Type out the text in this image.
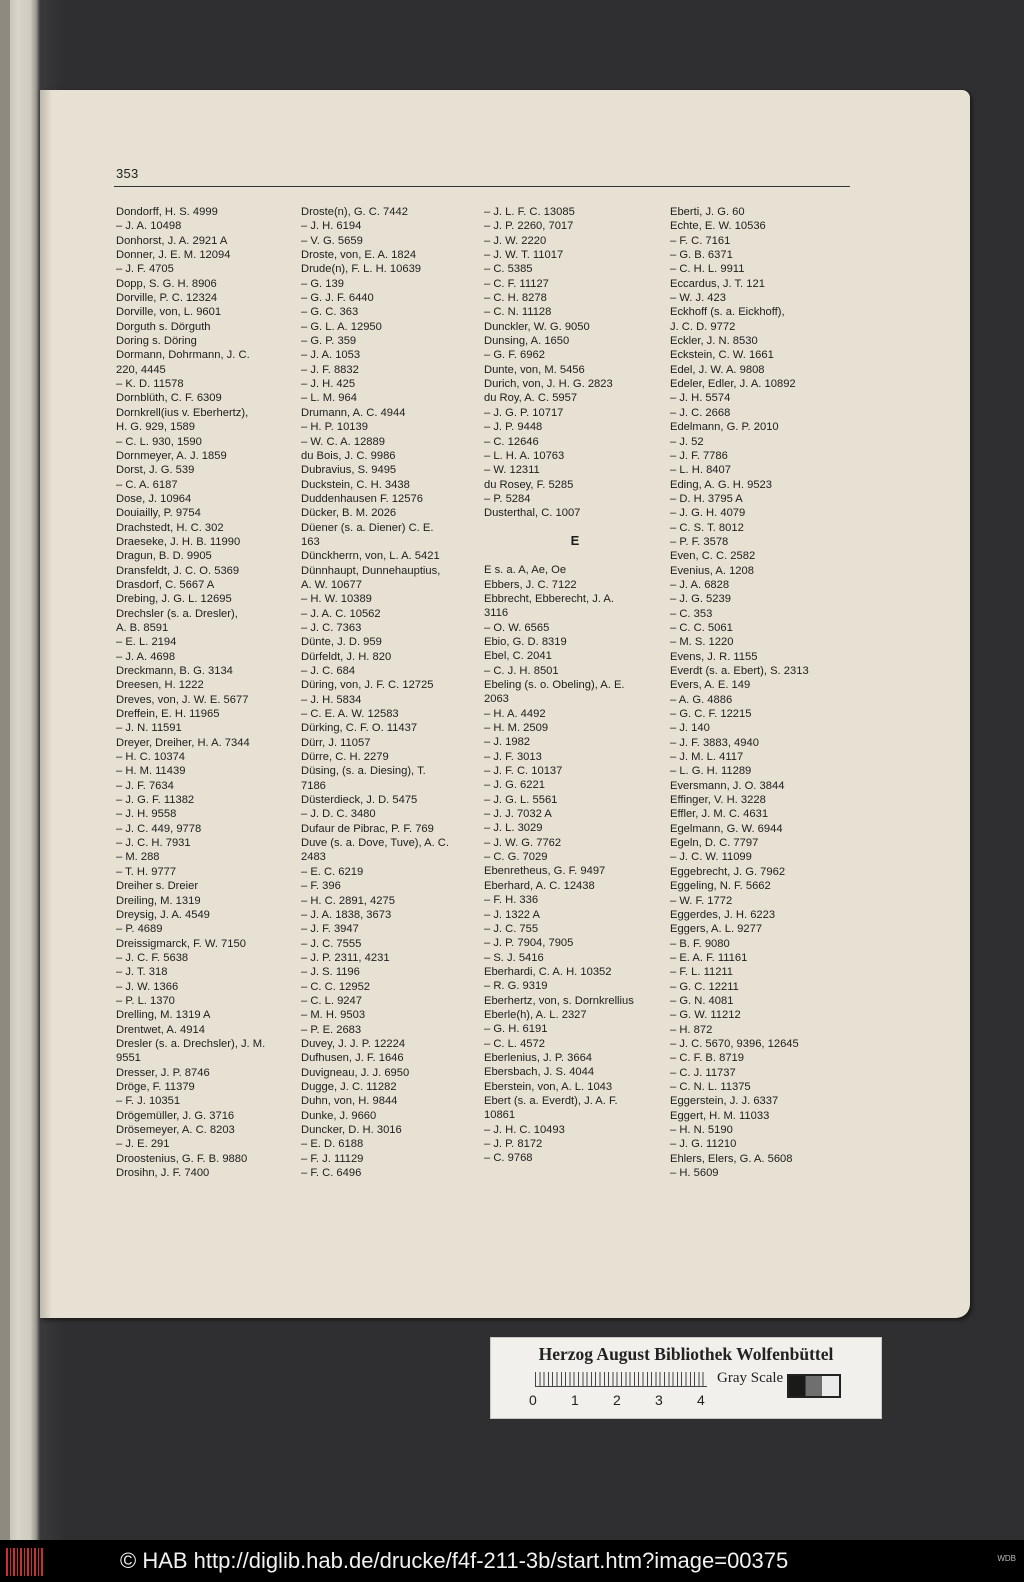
353
Dondorff, H. S. 4999
– J. A. 10498
Donhorst, J. A. 2921 A
Donner, J. E. M. 12094
– J. F. 4705
Dopp, S. G. H. 8906
Dorville, P. C. 12324
Dorville, von, L. 9601
Dorguth s. Dörguth
Doring s. Döring
Dormann, Dohrmann, J. C.
220, 4445
– K. D. 11578
Dornblüth, C. F. 6309
Dornkrell(ius v. Eberhertz),
H. G. 929, 1589
– C. L. 930, 1590
Dornmeyer, A. J. 1859
Dorst, J. G. 539
– C. A. 6187
Dose, J. 10964
Douiailly, P. 9754
Drachstedt, H. C. 302
Draeseke, J. H. B. 11990
Dragun, B. D. 9905
Dransfeldt, J. C. O. 5369
Drasdorf, C. 5667 A
Drebing, J. G. L. 12695
Drechsler (s. a. Dresler),
A. B. 8591
– E. L. 2194
– J. A. 4698
Dreckmann, B. G. 3134
Dreesen, H. 1222
Dreves, von, J. W. E. 5677
Dreffein, E. H. 11965
– J. N. 11591
Dreyer, Dreiher, H. A. 7344
– H. C. 10374
– H. M. 11439
– J. F. 7634
– J. G. F. 11382
– J. H. 9558
– J. C. 449, 9778
– J. C. H. 7931
– M. 288
– T. H. 9777
Dreiher s. Dreier
Dreiling, M. 1319
Dreysig, J. A. 4549
– P. 4689
Dreissigmarck, F. W. 7150
– J. C. F. 5638
– J. T. 318
– J. W. 1366
– P. L. 1370
Drelling, M. 1319 A
Drentwet, A. 4914
Dresler (s. a. Drechsler), J. M.
9551
Dresser, J. P. 8746
Dröge, F. 11379
– F. J. 10351
Drögemüller, J. G. 3716
Drösemeyer, A. C. 8203
– J. E. 291
Droostenius, G. F. B. 9880
Drosihn, J. F. 7400
Droste(n), G. C. 7442
– J. H. 6194
– V. G. 5659
Droste, von, E. A. 1824
Drude(n), F. L. H. 10639
– G. 139
– G. J. F. 6440
– G. C. 363
– G. L. A. 12950
– G. P. 359
– J. A. 1053
– J. F. 8832
– J. H. 425
– L. M. 964
Drumann, A. C. 4944
– H. P. 10139
– W. C. A. 12889
du Bois, J. C. 9986
Dubravius, S. 9495
Duckstein, C. H. 3438
Duddenhausen F. 12576
Dücker, B. M. 2026
Düener (s. a. Diener) C. E.
163
Dünckherrn, von, L. A. 5421
Dünnhaupt, Dunnehauptius,
A. W. 10677
– H. W. 10389
– J. A. C. 10562
– J. C. 7363
Dünte, J. D. 959
Dürfeldt, J. H. 820
– J. C. 684
Düring, von, J. F. C. 12725
– J. H. 5834
– C. E. A. W. 12583
Dürking, C. F. O. 11437
Dürr, J. 11057
Dürre, C. H. 2279
Düsing, (s. a. Diesing), T.
7186
Düsterdieck, J. D. 5475
– J. D. C. 3480
Dufaur de Pibrac, P. F. 769
Duve (s. a. Dove, Tuve), A. C.
2483
– E. C. 6219
– F. 396
– H. C. 2891, 4275
– J. A. 1838, 3673
– J. F. 3947
– J. C. 7555
– J. P. 2311, 4231
– J. S. 1196
– C. C. 12952
– C. L. 9247
– M. H. 9503
– P. E. 2683
Duvey, J. J. P. 12224
Dufhusen, J. F. 1646
Duvigneau, J. J. 6950
Dugge, J. C. 11282
Duhn, von, H. 9844
Dunke, J. 9660
Duncker, D. H. 3016
– E. D. 6188
– F. J. 11129
– F. C. 6496
– J. L. F. C. 13085
– J. P. 2260, 7017
– J. W. 2220
– J. W. T. 11017
– C. 5385
– C. F. 11127
– C. H. 8278
– C. N. 11128
Dunckler, W. G. 9050
Dunsing, A. 1650
– G. F. 6962
Dunte, von, M. 5456
Durich, von, J. H. G. 2823
du Roy, A. C. 5957
– J. G. P. 10717
– J. P. 9448
– C. 12646
– L. H. A. 10763
– W. 12311
du Rosey, F. 5285
– P. 5284
Dusterthal, C. 1007
E
E s. a. A, Ae, Oe
Ebbers, J. C. 7122
Ebbrecht, Ebberecht, J. A.
3116
– O. W. 6565
Ebio, G. D. 8319
Ebel, C. 2041
– C. J. H. 8501
Ebeling (s. o. Obeling), A. E.
2063
– H. A. 4492
– H. M. 2509
– J. 1982
– J. F. 3013
– J. F. C. 10137
– J. G. 6221
– J. G. L. 5561
– J. J. 7032 A
– J. L. 3029
– J. W. G. 7762
– C. G. 7029
Ebenretheus, G. F. 9497
Eberhard, A. C. 12438
– F. H. 336
– J. 1322 A
– J. C. 755
– J. P. 7904, 7905
– S. J. 5416
Eberhardi, C. A. H. 10352
– R. G. 9319
Eberhertz, von, s. Dornkrellius
Eberle(h), A. L. 2327
– G. H. 6191
– C. L. 4572
Eberlenius, J. P. 3664
Ebersbach, J. S. 4044
Eberstein, von, A. L. 1043
Ebert (s. a. Everdt), J. A. F.
10861
– J. H. C. 10493
– J. P. 8172
– C. 9768
Eberti, J. G. 60
Echte, E. W. 10536
– F. C. 7161
– G. B. 6371
– C. H. L. 9911
Eccardus, J. T. 121
– W. J. 423
Eckhoff (s. a. Eickhoff),
J. C. D. 9772
Eckler, J. N. 8530
Eckstein, C. W. 1661
Edel, J. W. A. 9808
Edeler, Edler, J. A. 10892
– J. H. 5574
– J. C. 2668
Edelmann, G. P. 2010
– J. 52
– J. F. 7786
– L. H. 8407
Eding, A. G. H. 9523
– D. H. 3795 A
– J. G. H. 4079
– C. S. T. 8012
– P. F. 3578
Even, C. C. 2582
Evenius, A. 1208
– J. A. 6828
– J. G. 5239
– C. 353
– C. C. 5061
– M. S. 1220
Evens, J. R. 1155
Everdt (s. a. Ebert), S. 2313
Evers, A. E. 149
– A. G. 4886
– G. C. F. 12215
– J. 140
– J. F. 3883, 4940
– J. M. L. 4117
– L. G. H. 11289
Eversmann, J. O. 3844
Effinger, V. H. 3228
Effler, J. M. C. 4631
Egelmann, G. W. 6944
Egeln, D. C. 7797
– J. C. W. 11099
Eggebrecht, J. G. 7962
Eggeling, N. F. 5662
– W. F. 1772
Eggerdes, J. H. 6223
Eggers, A. L. 9277
– B. F. 9080
– E. A. F. 11161
– F. L. 11211
– G. C. 12211
– G. N. 4081
– G. W. 11212
– H. 872
– J. C. 5670, 9396, 12645
– C. F. B. 8719
– C. J. 11737
– C. N. L. 11375
Eggerstein, J. J. 6337
Eggert, H. M. 11033
– H. N. 5190
– J. G. 11210
Ehlers, Elers, G. A. 5608
– H. 5609
Herzog August Bibliothek Wolfenbüttel
0 1 2 3 4
Gray Scale
© HAB http://diglib.hab.de/drucke/f4f-211-3b/start.htm?image=00375	WDB
